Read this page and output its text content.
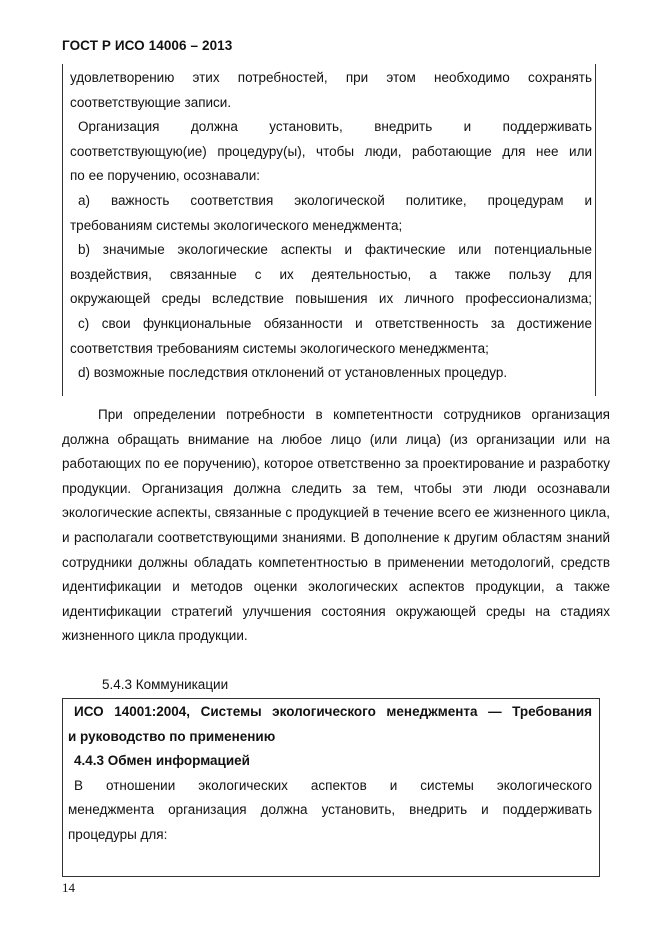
ГОСТ Р ИСО 14006 – 2013

удовлетворению этих потребностей, при этом необходимо сохранять

соответствующие записи.

Организация должна установить, внедрить и поддерживать

соответствующую(ие) процедуру(ы), чтобы люди, работающие для нее или

по ее поручению, осознавали:

a) важность соответствия экологической политике, процедурам и

требованиям системы экологического менеджмента;

b) значимые экологические аспекты и фактические или потенциальные

воздействия, связанные с их деятельностью, а также пользу для

окружающей среды вследствие повышения их личного профессионализма;

c) свои функциональные обязанности и ответственность за достижение

соответствия требованиям системы экологического менеджмента;

d) возможные последствия отклонений от установленных процедур.

При определении потребности в компетентности сотрудников организация должна обращать внимание на любое лицо (или лица) (из организации или на работающих по ее поручению), которое ответственно за проектирование и разработку продукции. Организация должна следить за тем, чтобы эти люди осознавали экологические аспекты, связанные с продукцией в течение всего ее жизненного цикла, и располагали соответствующими знаниями. В дополнение к другим областям знаний сотрудники должны обладать компетентностью в применении методологий, средств идентификации и методов оценки экологических аспектов продукции, а также идентификации стратегий улучшения состояния окружающей среды на стадиях жизненного цикла продукции.

5.4.3 Коммуникации

ИСО 14001:2004, Системы экологического менеджмента — Требования

и руководство по применению

4.4.3 Обмен информацией

В отношении экологических аспектов и системы экологического

менеджмента организация должна установить, внедрить и поддерживать

процедуры для:

14
